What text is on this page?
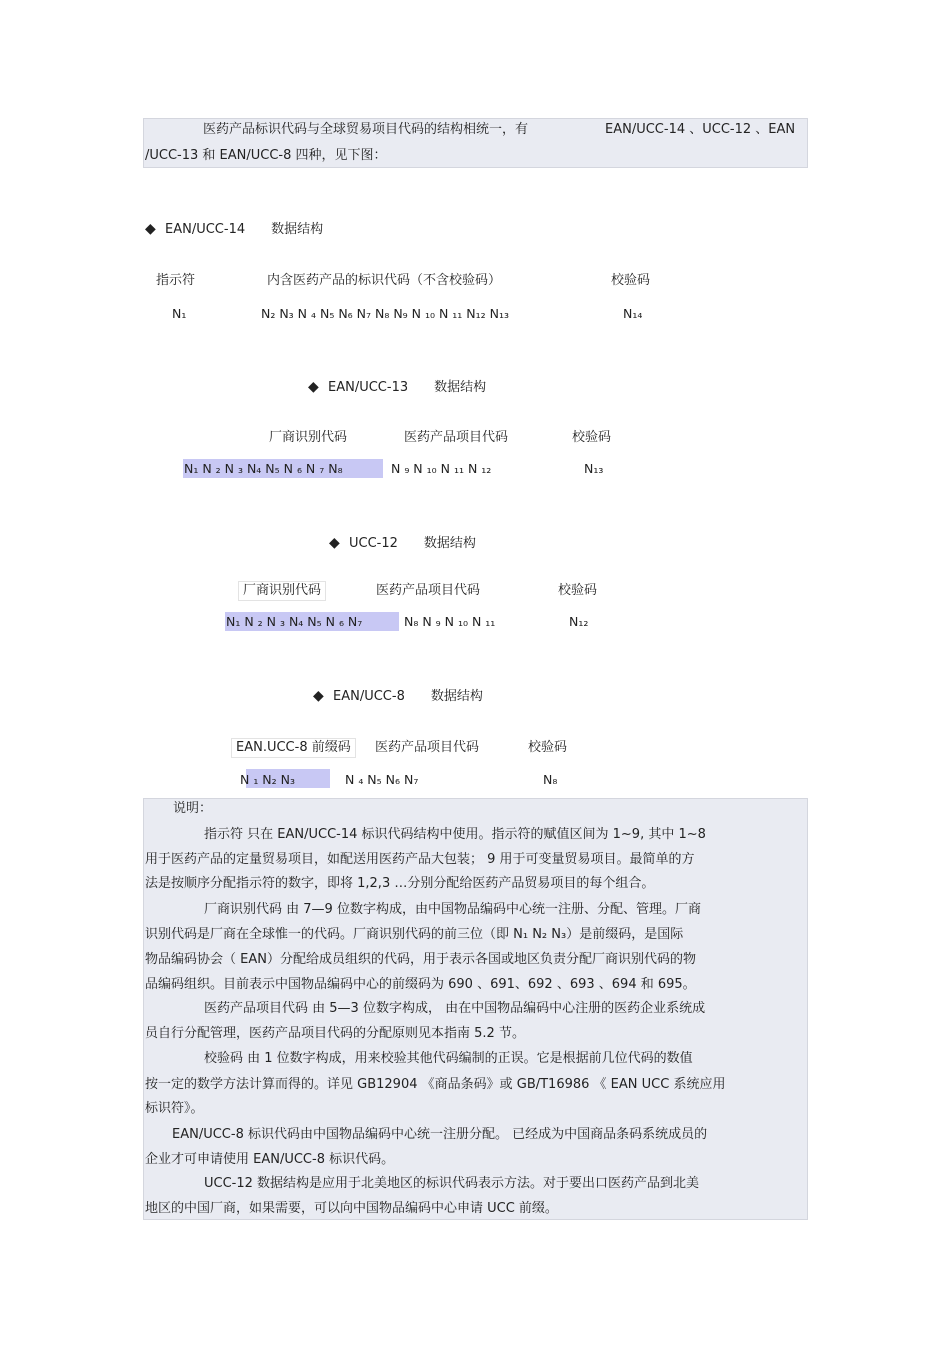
医药产品标识代码与全球贸易项目代码的结构相统一，有	EAN/UCC-14 、UCC-12 、EAN
/UCC-13 和 EAN/UCC-8 四种，见下图：
◆ EAN/UCC-14 数据结构
指示符	内含医药产品的标识代码（不含校验码）	校验码
N₁	N₂ N₃ N ₄ N₅ N₆ N₇ N₈ N₉ N ₁₀ N ₁₁ N₁₂ N₁₃	N₁₄
◆ EAN/UCC-13 数据结构
厂商识别代码	医药产品项目代码	校验码
N₁ N ₂ N ₃ N₄ N₅ N ₆ N ₇ N₈	N ₉ N ₁₀ N ₁₁ N ₁₂	N₁₃
◆ UCC-12 数据结构
厂商识别代码	医药产品项目代码	校验码
N₁ N ₂ N ₃ N₄ N₅ N ₆ N₇	N₈ N ₉ N ₁₀ N ₁₁	N₁₂
◆ EAN/UCC-8 数据结构
EAN.UCC-8 前缀码	医药产品项目代码	校验码
N ₁ N₂ N₃	N ₄ N₅ N₆ N₇	N₈
说明：
指示符 只在 EAN/UCC-14 标识代码结构中使用。指示符的赋值区间为 1~9, 其中 1~8
用于医药产品的定量贸易项目，如配送用医药产品大包装； 9 用于可变量贸易项目。最简单的方
法是按顺序分配指示符的数字，即将 1,2,3 …分别分配给医药产品贸易项目的每个组合。
厂商识别代码 由 7—9 位数字构成，由中国物品编码中心统一注册、分配、管理。厂商
识别代码是厂商在全球惟一的代码。厂商识别代码的前三位（即 N₁ N₂ N₃）是前缀码，是国际
物品编码协会（ EAN）分配给成员组织的代码，用于表示各国或地区负责分配厂商识别代码的物
品编码组织。目前表示中国物品编码中心的前缀码为 690 、691、692 、693 、694 和 695。
医药产品项目代码 由 5—3 位数字构成， 由在中国物品编码中心注册的医药企业系统成
员自行分配管理，医药产品项目代码的分配原则见本指南 5.2 节。
校验码 由 1 位数字构成，用来校验其他代码编制的正误。它是根据前几位代码的数值
按一定的数学方法计算而得的。详见 GB12904 《商品条码》或 GB/T16986 《 EAN UCC 系统应用
标识符》。
EAN/UCC-8 标识代码由中国物品编码中心统一注册分配。 已经成为中国商品条码系统成员的
企业才可申请使用 EAN/UCC-8 标识代码。
UCC-12 数据结构是应用于北美地区的标识代码表示方法。对于要出口医药产品到北美
地区的中国厂商，如果需要，可以向中国物品编码中心申请 UCC 前缀。
